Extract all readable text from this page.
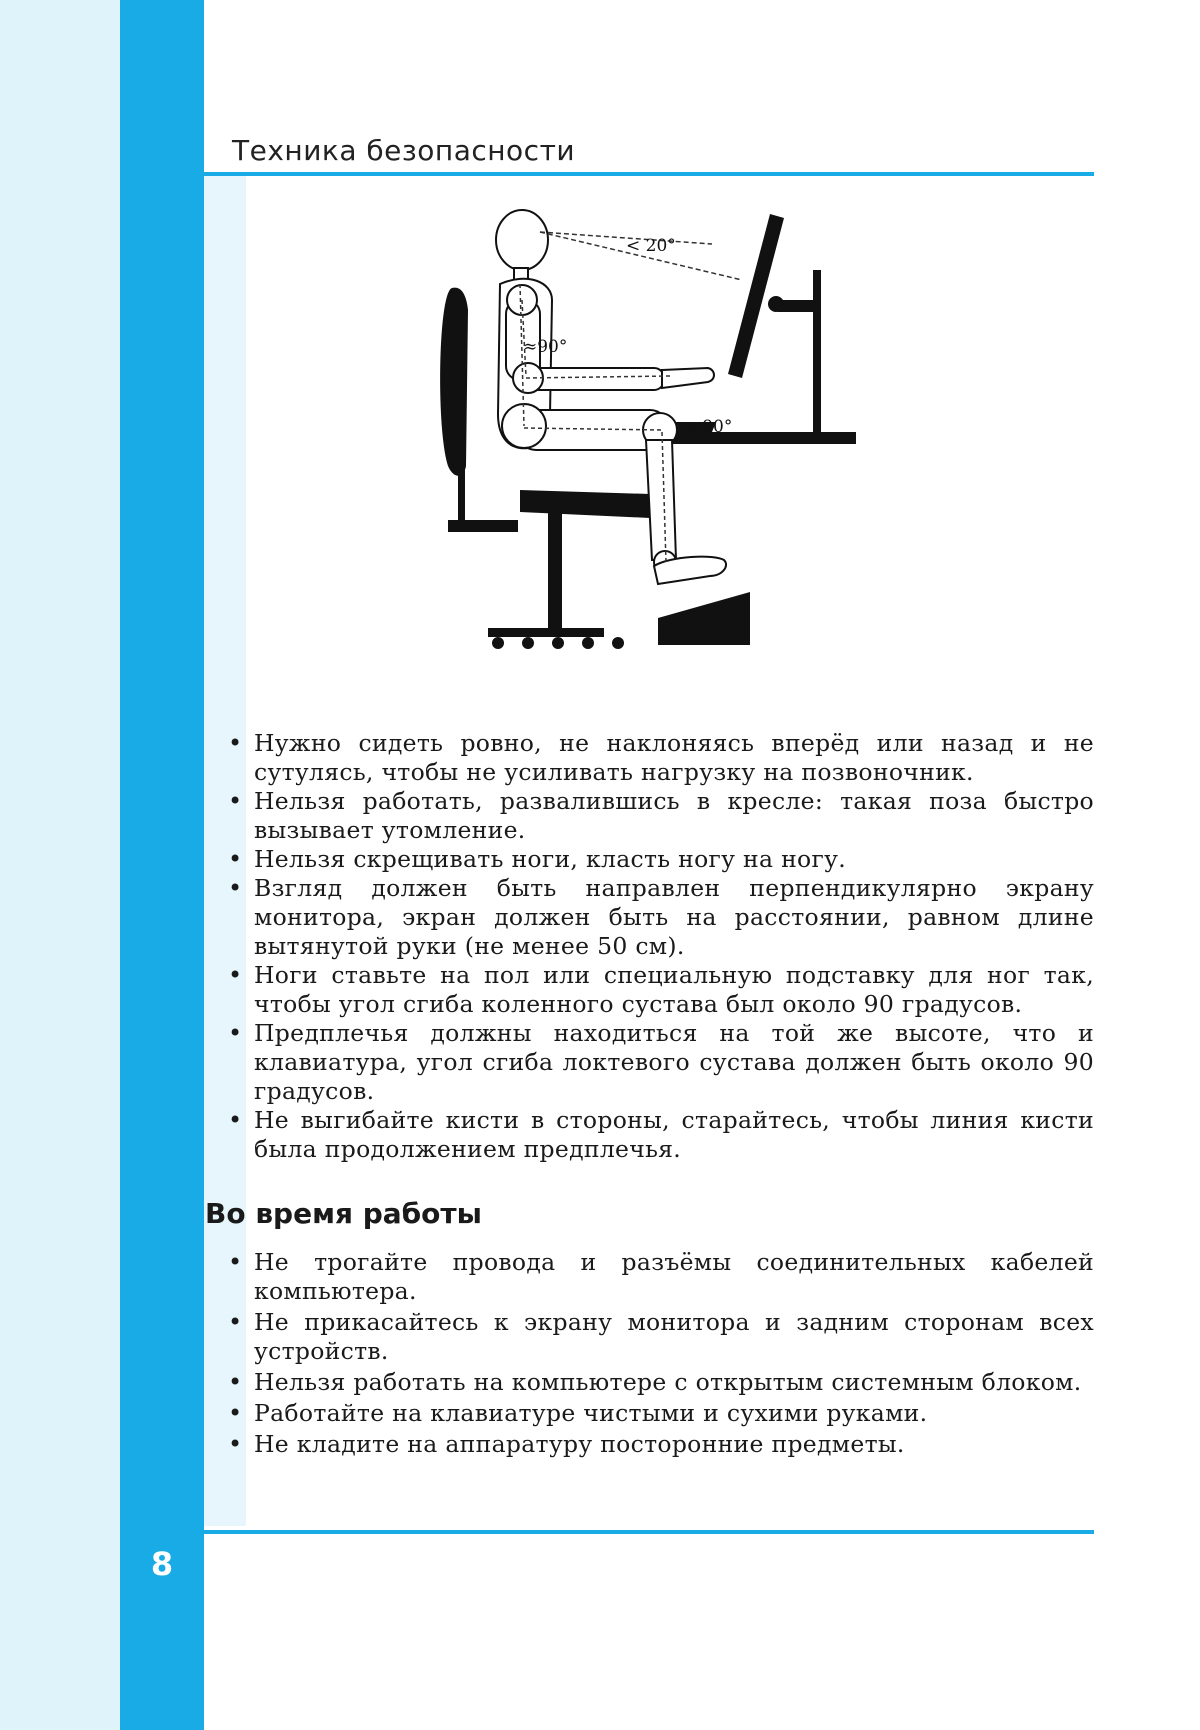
Техника безопасности
< 20°
≈90°
≈90°
• Нужно сидеть ровно, не наклоняясь вперёд или назад и не сутулясь, чтобы не усиливать нагрузку на позвоночник.
• Нельзя работать, развалившись в кресле: такая поза быстро вызывает утомление.
• Нельзя скрещивать ноги, класть ногу на ногу.
• Взгляд должен быть направлен перпендикулярно экрану монитора, экран должен быть на расстоянии, равном длине вытянутой руки (не менее 50 см).
• Ноги ставьте на пол или специальную подставку для ног так, чтобы угол сгиба коленного сустава был около 90 градусов.
• Предплечья должны находиться на той же высоте, что и клавиатура, угол сгиба локтевого сустава должен быть около 90 градусов.
• Не выгибайте кисти в стороны, старайтесь, чтобы линия кисти была продолжением предплечья.
Во время работы
• Не трогайте провода и разъёмы соединительных кабелей компьютера.
• Не прикасайтесь к экрану монитора и задним сторонам всех устройств.
• Нельзя работать на компьютере с открытым системным блоком.
• Работайте на клавиатуре чистыми и сухими руками.
• Не кладите на аппаратуру посторонние предметы.
8
